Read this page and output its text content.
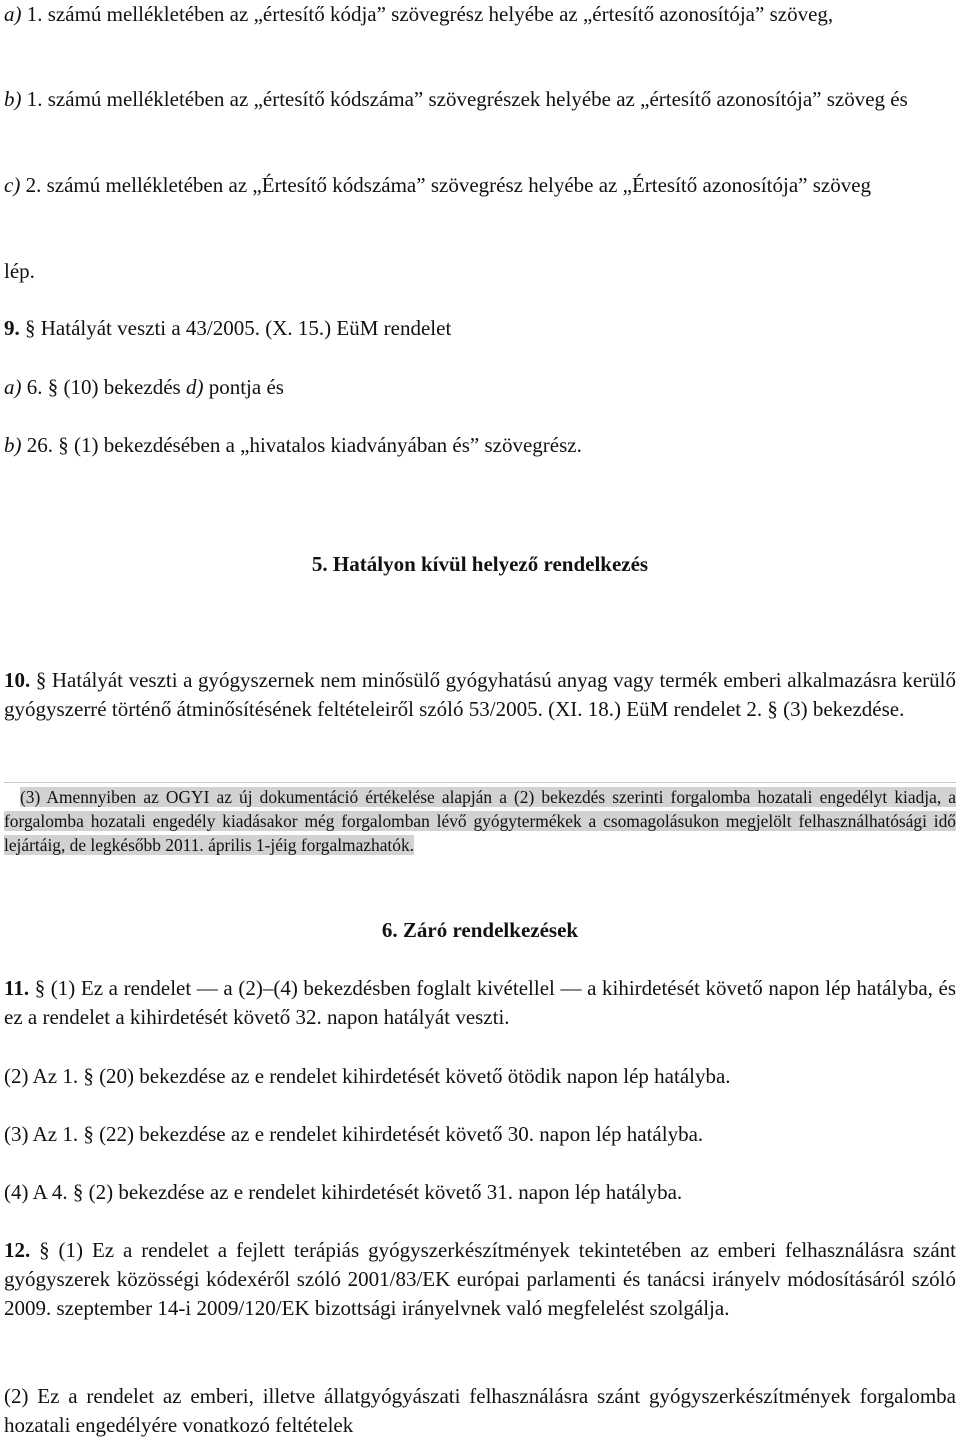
a) 1. számú mellékletében az „értesítő kódja” szövegrész helyébe az „értesítő azonosítója” szöveg,

b) 1. számú mellékletében az „értesítő kódszáma” szövegrészek helyébe az „értesítő azonosítója” szöveg és

c) 2. számú mellékletében az „Értesítő kódszáma” szövegrész helyébe az „Értesítő azonosítója” szöveg

lép.

9. § Hatályát veszti a 43/2005. (X. 15.) EüM rendelet

a) 6. § (10) bekezdés d) pontja és

b) 26. § (1) bekezdésében a „hivatalos kiadványában és” szövegrész.

5. Hatályon kívül helyező rendelkezés

10. § Hatályát veszti a gyógyszernek nem minősülő gyógyhatású anyag vagy termék emberi alkalmazásra kerülő gyógyszerré történő átminősítésének feltételeiről szóló 53/2005. (XI. 18.) EüM rendelet 2. § (3) bekezdése.

(3) Amennyiben az OGYI az új dokumentáció értékelése alapján a (2) bekezdés szerinti forgalomba hozatali engedélyt kiadja, a forgalomba hozatali engedély kiadásakor még forgalomban lévő gyógytermékek a csomagolásukon megjelölt felhasználhatósági idő lejártáig, de legkésőbb 2011. április 1-jéig forgalmazhatók.

6. Záró rendelkezések

11. § (1) Ez a rendelet — a (2)–(4) bekezdésben foglalt kivétellel — a kihirdetését követő napon lép hatályba, és ez a rendelet a kihirdetését követő 32. napon hatályát veszti.

(2) Az 1. § (20) bekezdése az e rendelet kihirdetését követő ötödik napon lép hatályba.

(3) Az 1. § (22) bekezdése az e rendelet kihirdetését követő 30. napon lép hatályba.

(4) A 4. § (2) bekezdése az e rendelet kihirdetését követő 31. napon lép hatályba.

12. § (1) Ez a rendelet a fejlett terápiás gyógyszerkészítmények tekintetében az emberi felhasználásra szánt gyógyszerek közösségi kódexéről szóló 2001/83/EK európai parlamenti és tanácsi irányelv módosításáról szóló 2009. szeptember 14-i 2009/120/EK bizottsági irányelvnek való megfelelést szolgálja.

(2) Ez a rendelet az emberi, illetve állatgyógyászati felhasználásra szánt gyógyszerkészítmények forgalomba hozatali engedélyére vonatkozó feltételek
